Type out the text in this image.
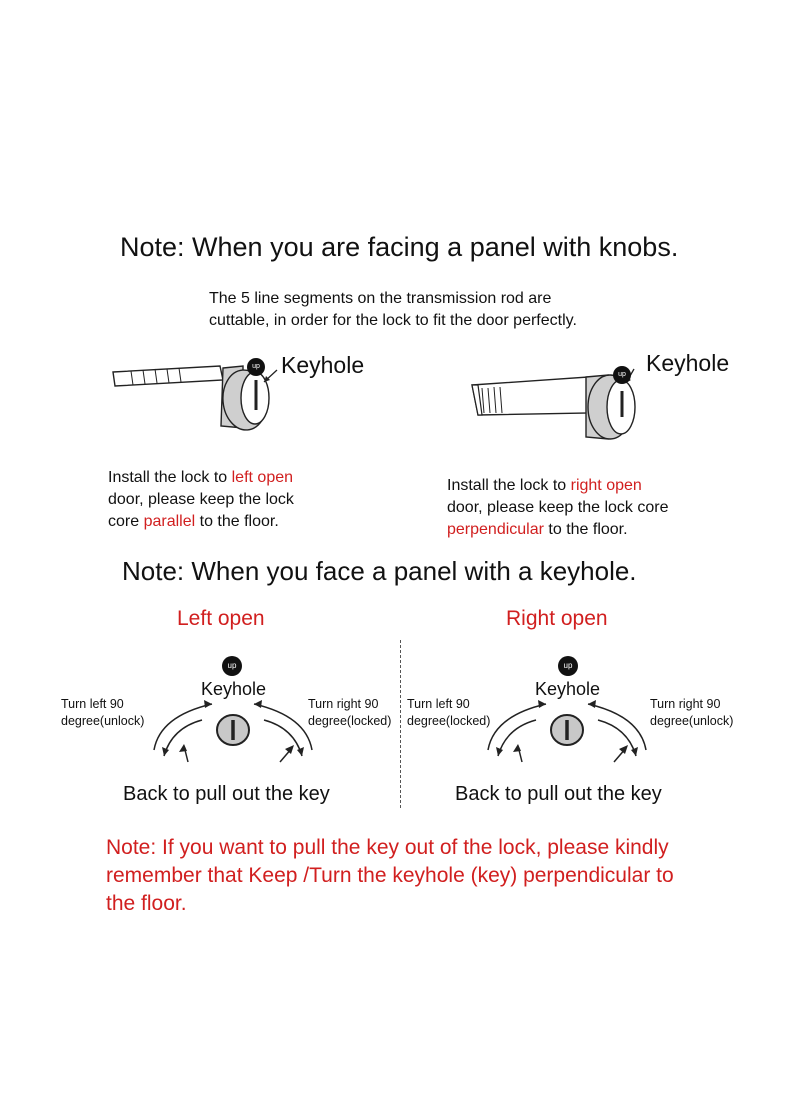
Note: When you are facing a panel with knobs.
The 5 line segments on the transmission rod are
cuttable, in order for the lock to fit the door perfectly.
up Keyhole	up Keyhole
Install the lock to left open
door, please keep the lock
core parallel to the floor.
Install the lock to right open
door, please keep the lock core
perpendicular to the floor.
Note: When you face a panel with a keyhole.
Left open
up
Keyhole
Turn left 90
degree(unlock)
Turn right 90
degree(locked)
Back to pull out the key
Right open
up
Keyhole
Turn left 90
degree(locked)
Turn right 90
degree(unlock)
Back to pull out the key
Note: If you want to pull the key out of the lock, please kindly
remember that Keep /Turn the keyhole (key) perpendicular to
the floor.
